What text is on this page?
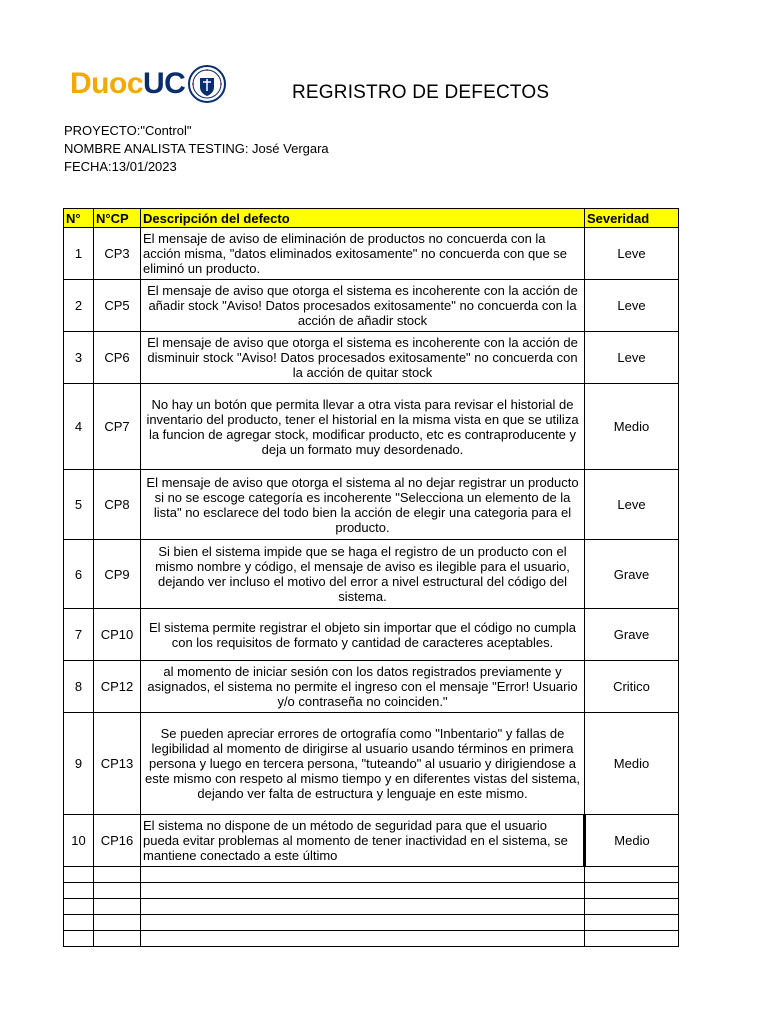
Duoc UC	REGRISTRO DE DEFECTOS
PROYECTO:"Control"
NOMBRE ANALISTA TESTING: José Vergara
FECHA:13/01/2023
N°	N°CP	Descripción del defecto	Severidad
1	CP3	El mensaje de aviso de eliminación de productos no concuerda con la acción misma, "datos eliminados exitosamente" no concuerda con que se eliminó un producto.	Leve
2	CP5	El mensaje de aviso que otorga el sistema es incoherente con la acción de añadir stock "Aviso! Datos procesados exitosamente" no concuerda con la acción de añadir stock	Leve
3	CP6	El mensaje de aviso que otorga el sistema es incoherente con la acción de disminuir stock "Aviso! Datos procesados exitosamente" no concuerda con la acción de quitar stock	Leve
4	CP7	No hay un botón que permita llevar a otra vista para revisar el historial de inventario del producto, tener el historial en la misma vista en que se utiliza la funcion de agregar stock, modificar producto, etc es contraproducente y deja un formato muy desordenado.	Medio
5	CP8	El mensaje de aviso que otorga el sistema al no dejar registrar un producto si no se escoge categoría es incoherente "Selecciona un elemento de la lista" no esclarece del todo bien la acción de elegir una categoria para el producto.	Leve
6	CP9	Si bien el sistema impide que se haga el registro de un producto con el mismo nombre y código, el mensaje de aviso es ilegible para el usuario, dejando ver incluso el motivo del error a nivel estructural del código del sistema.	Grave
7	CP10	El sistema permite registrar el objeto sin importar que el código no cumpla con los requisitos de formato y cantidad de caracteres aceptables.	Grave
8	CP12	al momento de iniciar sesión con los datos registrados previamente y asignados, el sistema no permite el ingreso con el mensaje "Error! Usuario y/o contraseña no coinciden."	Critico
9	CP13	Se pueden apreciar errores de ortografía como "Inbentario" y fallas de legibilidad al momento de dirigirse al usuario usando términos en primera persona y luego en tercera persona, "tuteando" al usuario y dirigiendose a este mismo con respeto al mismo tiempo y en diferentes vistas del sistema, dejando ver falta de estructura y lenguaje en este mismo.	Medio
10	CP16	El sistema no dispone de un método de seguridad para que el usuario pueda evitar problemas al momento de tener inactividad en el sistema, se mantiene conectado a este último	Medio
